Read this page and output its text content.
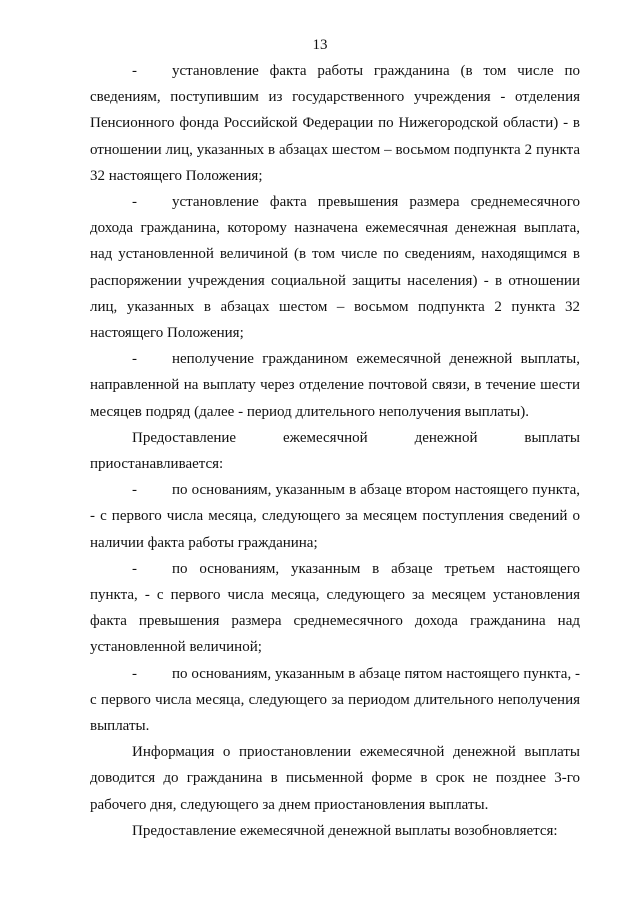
13

- установление факта работы гражданина (в том числе по сведениям, поступившим из государственного учреждения - отделения Пенсионного фонда Российской Федерации по Нижегородской области) - в отношении лиц, указанных в абзацах шестом – восьмом подпункта 2 пункта 32 настоящего Положения;

- установление факта превышения размера среднемесячного дохода гражданина, которому назначена ежемесячная денежная выплата, над установленной величиной (в том числе по сведениям, находящимся в распоряжении учреждения социальной защиты населения) - в отношении лиц, указанных в абзацах шестом – восьмом подпункта 2 пункта 32 настоящего Положения;

- неполучение гражданином ежемесячной денежной выплаты, направленной на выплату через отделение почтовой связи, в течение шести месяцев подряд (далее - период длительного неполучения выплаты).

Предоставление ежемесячной денежной выплаты приостанавливается:

- по основаниям, указанным в абзаце втором настоящего пункта, - с первого числа месяца, следующего за месяцем поступления сведений о наличии факта работы гражданина;

- по основаниям, указанным в абзаце третьем настоящего пункта, - с первого числа месяца, следующего за месяцем установления факта превышения размера среднемесячного дохода гражданина над установленной величиной;

- по основаниям, указанным в абзаце пятом настоящего пункта, - с первого числа месяца, следующего за периодом длительного неполучения выплаты.

Информация о приостановлении ежемесячной денежной выплаты доводится до гражданина в письменной форме в срок не позднее 3-го рабочего дня, следующего за днем приостановления выплаты.

Предоставление ежемесячной денежной выплаты возобновляется:
